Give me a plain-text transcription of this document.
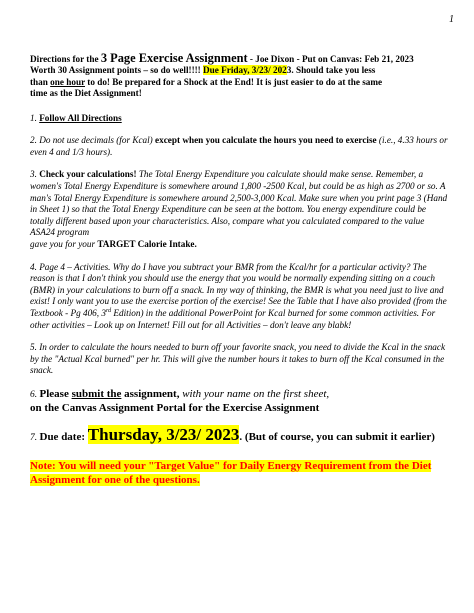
1

Directions for the 3 Page Exercise Assignment - Joe Dixon - Put on Canvas: Feb 21, 2023
Worth 30 Assignment points – so do well!!!! Due Friday, 3/23/ 2023. Should take you less
than one hour to do! Be prepared for a Shock at the End! It is just easier to do at the same
time as the Diet Assignment!

1. Follow All Directions

2. Do not use decimals (for Kcal) except when you calculate the hours you need to exercise (i.e., 4.33 hours or even 4 and 1/3 hours).

3. Check your calculations! The Total Energy Expenditure you calculate should make sense. Remember, a women's Total Energy Expenditure is somewhere around 1,800 -2500 Kcal, but could be as high as 2700 or so. A man's Total Energy Expenditure is somewhere around 2,500-3,000 Kcal. Make sure when you print page 3 (Hand in Sheet 1) so that the Total Energy Expenditure can be seen at the bottom. You energy expenditure could be totally different based upon your characteristics. Also, compare what you calculated compared to the value ASA24 program
gave you for your TARGET Calorie Intake.

4. Page 4 – Activities. Why do I have you subtract your BMR from the Kcal/hr for a particular activity? The reason is that I don't think you should use the energy that you would be normally expending sitting on a couch (BMR) in your calculations to burn off a snack. In my way of thinking, the BMR is what you need just to live and exist! I only want you to use the exercise portion of the exercise! See the Table that I have also provided (from the Textbook - Pg 406, 3rd Edition) in the additional PowerPoint for Kcal burned for some common activities. For other activities – Look up on Internet! Fill out for all Activities – don't leave any blabk!

5. In order to calculate the hours needed to burn off your favorite snack, you need to divide the Kcal in the snack by the "Actual Kcal burned" per hr. This will give the number hours it takes to burn off the Kcal consumed in the snack.

6. Please submit the assignment, with your name on the first sheet,
on the Canvas Assignment Portal for the Exercise Assignment

7. Due date: Thursday, 3/23/ 2023. (But of course, you can submit it earlier)

Note: You will need your "Target Value" for Daily Energy Requirement from the Diet Assignment for one of the questions.
